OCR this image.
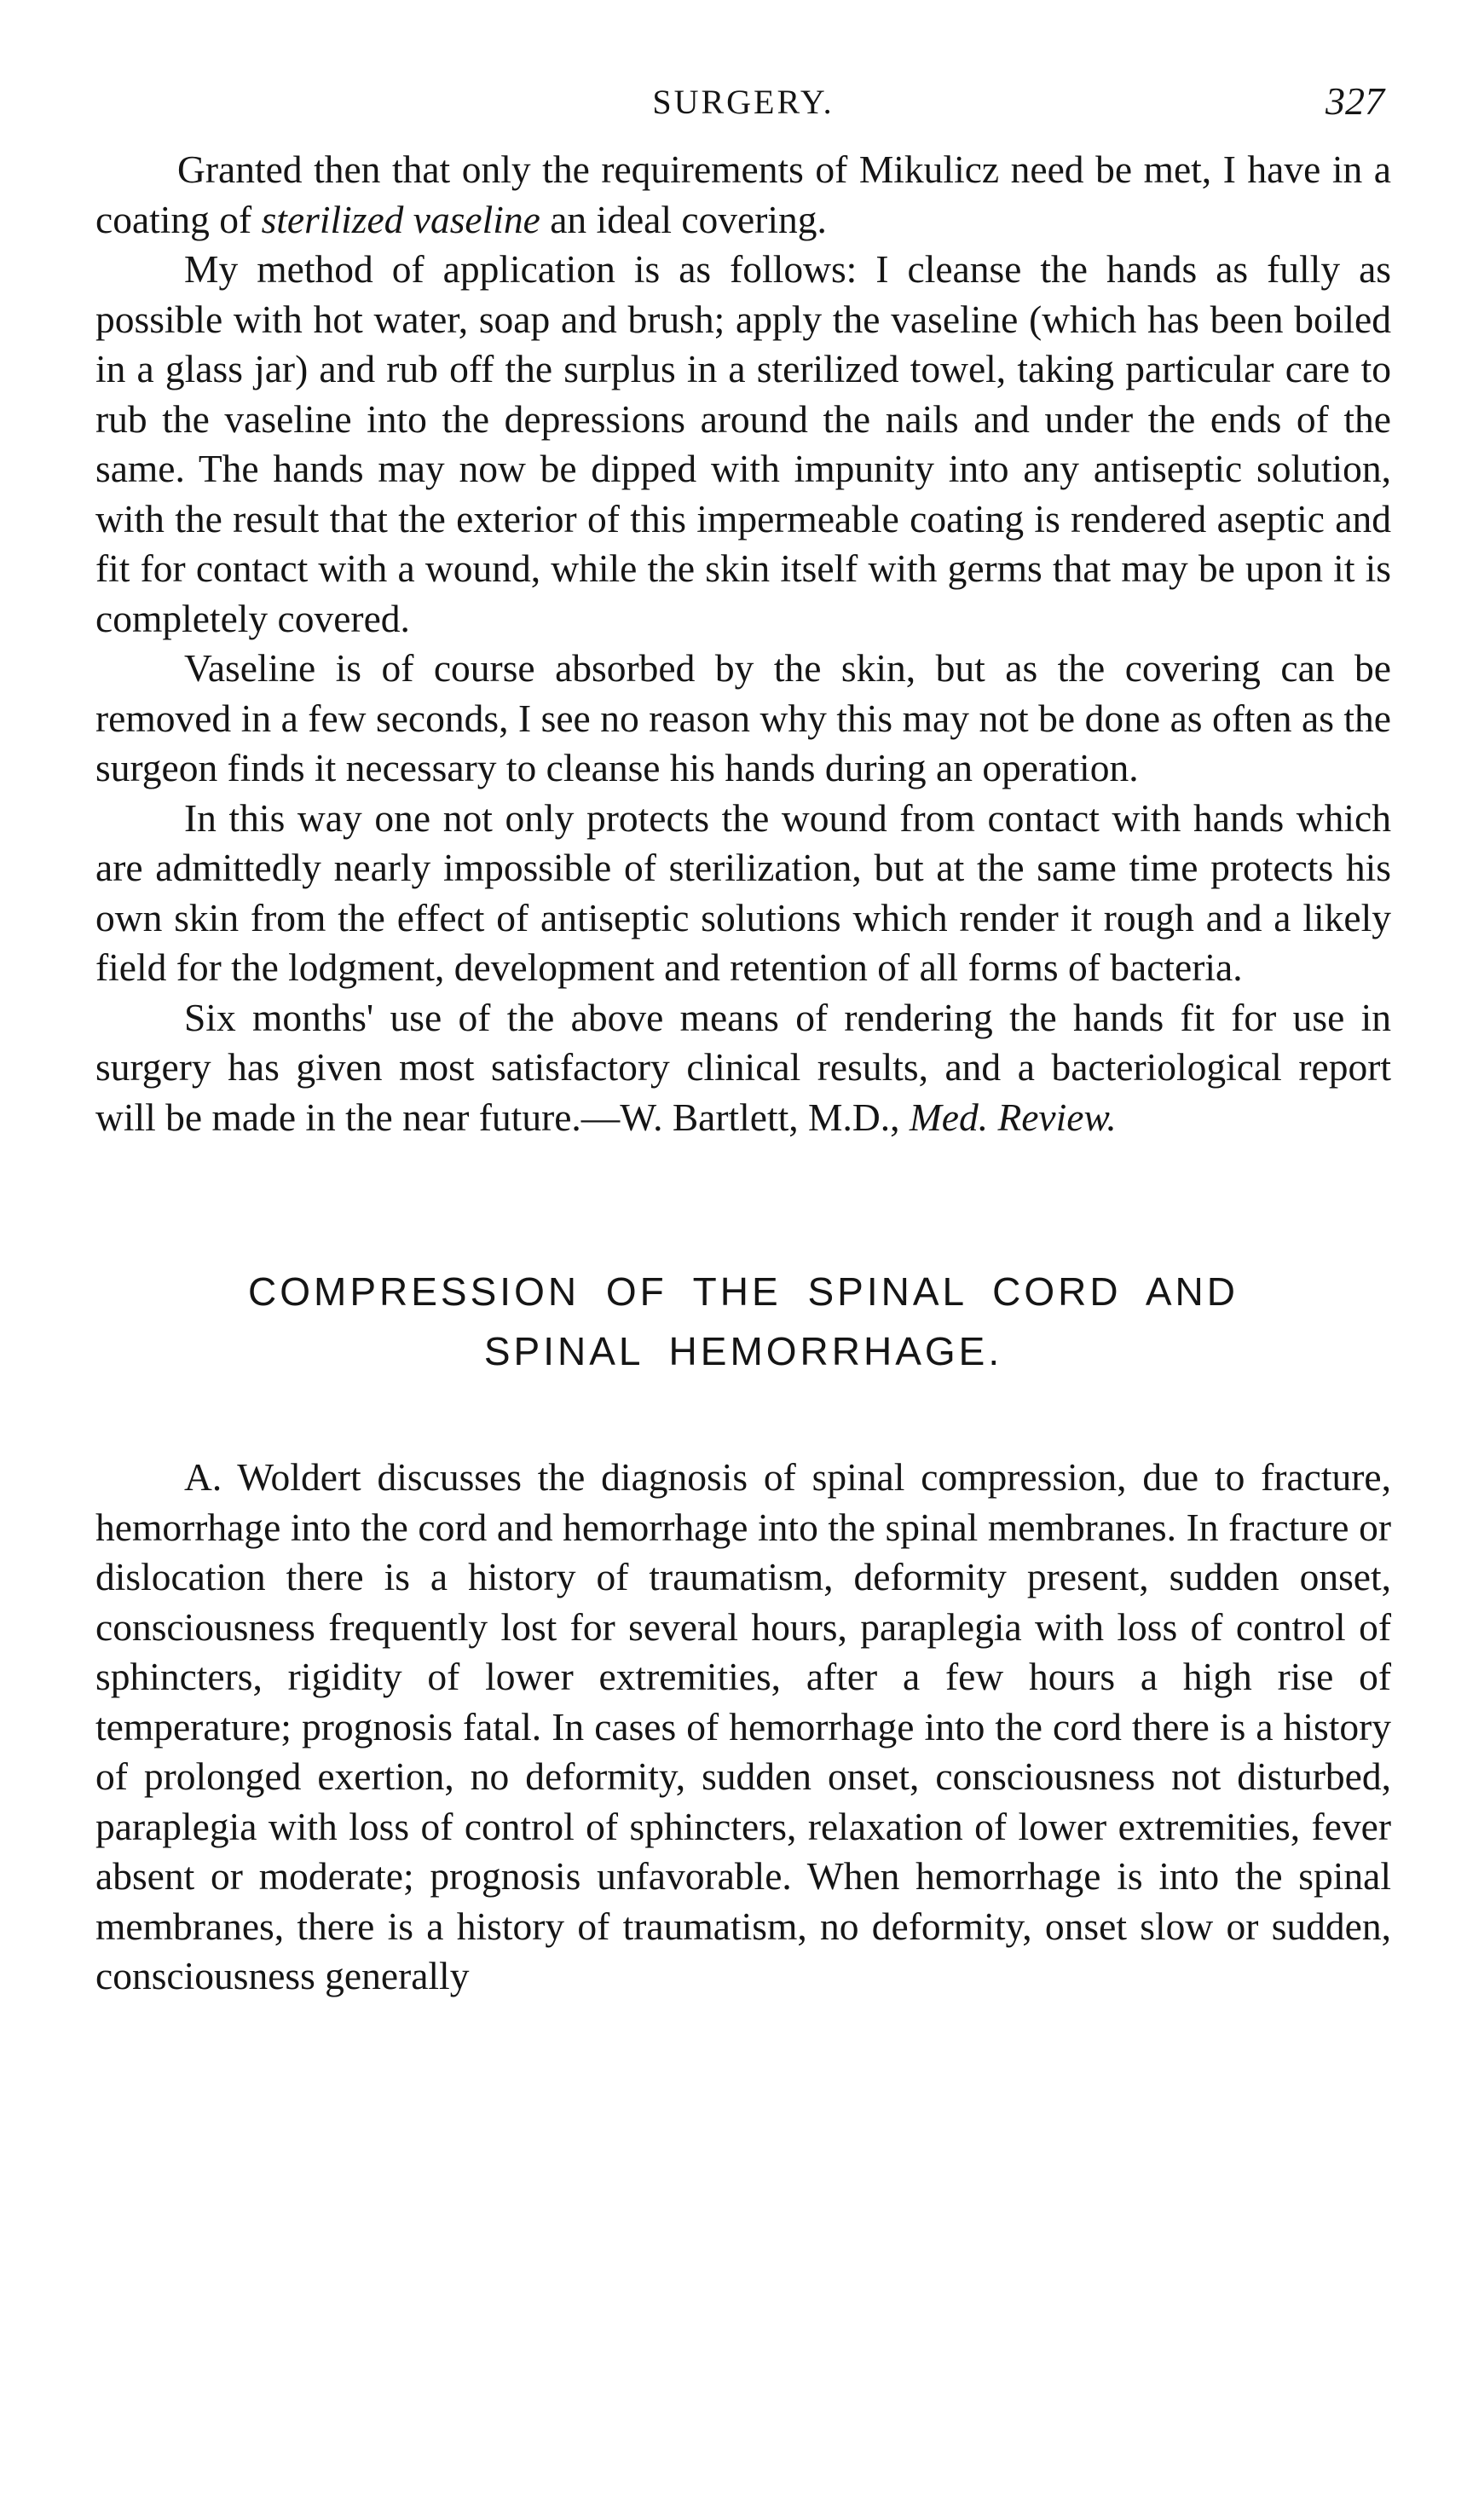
SURGERY.	327

Granted then that only the requirements of Mikulicz need be met, I have in a coating of sterilized vaseline an ideal covering.

My method of application is as follows: I cleanse the hands as fully as possible with hot water, soap and brush; apply the vaseline (which has been boiled in a glass jar) and rub off the surplus in a sterilized towel, taking particular care to rub the vaseline into the depressions around the nails and under the ends of the same. The hands may now be dipped with impunity into any antiseptic solution, with the result that the exterior of this impermeable coating is rendered aseptic and fit for contact with a wound, while the skin itself with germs that may be upon it is completely covered.

Vaseline is of course absorbed by the skin, but as the covering can be removed in a few seconds, I see no reason why this may not be done as often as the surgeon finds it necessary to cleanse his hands during an operation.

In this way one not only protects the wound from contact with hands which are admittedly nearly impossible of sterilization, but at the same time protects his own skin from the effect of antiseptic solutions which render it rough and a likely field for the lodgment, development and retention of all forms of bacteria.

Six months' use of the above means of rendering the hands fit for use in surgery has given most satisfactory clinical results, and a bacteriological report will be made in the near future.—W. Bartlett, M.D., Med. Review.

COMPRESSION OF THE SPINAL CORD AND
SPINAL HEMORRHAGE.

A. Woldert discusses the diagnosis of spinal compression, due to fracture, hemorrhage into the cord and hemorrhage into the spinal membranes. In fracture or dislocation there is a history of traumatism, deformity present, sudden onset, consciousness frequently lost for several hours, paraplegia with loss of control of sphincters, rigidity of lower extremities, after a few hours a high rise of temperature; prognosis fatal. In cases of hemorrhage into the cord there is a history of prolonged exertion, no deformity, sudden onset, consciousness not disturbed, paraplegia with loss of control of sphincters, relaxation of lower extremities, fever absent or moderate; prognosis unfavorable. When hemorrhage is into the spinal membranes, there is a history of traumatism, no deformity, onset slow or sudden, consciousness generally
